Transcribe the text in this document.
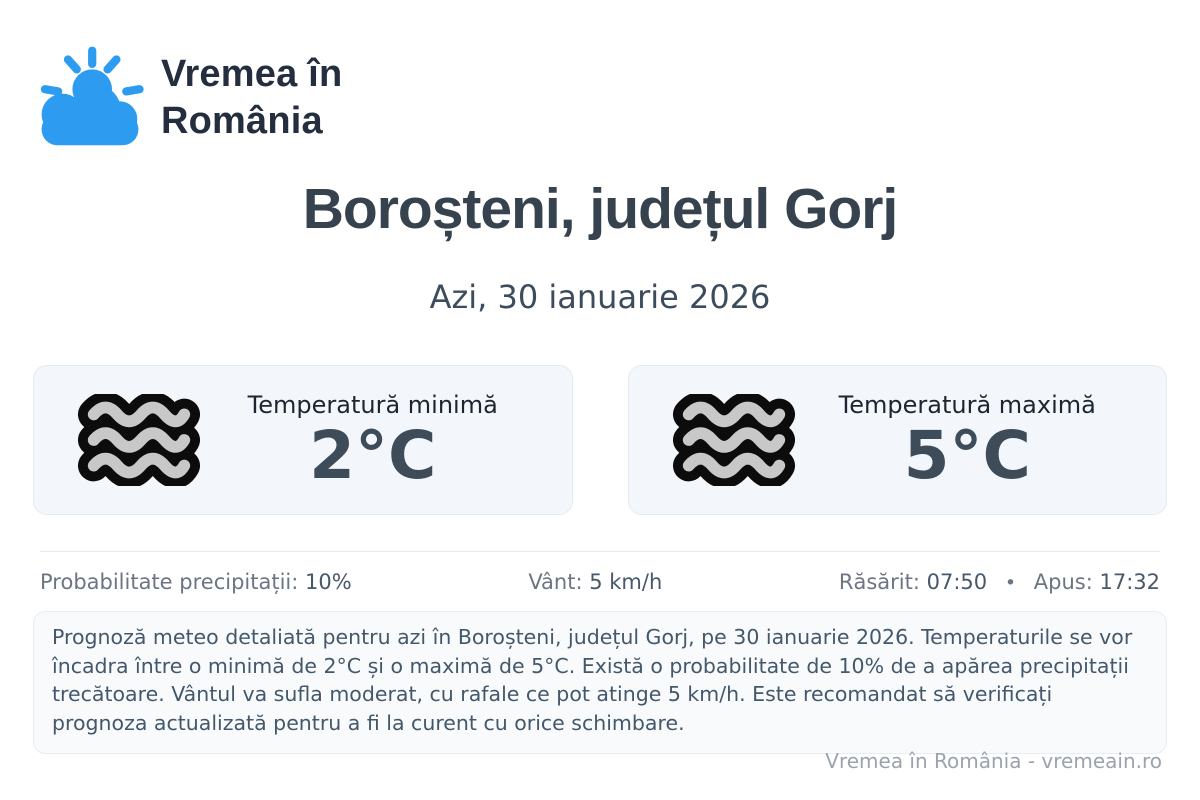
Vremea în
România
Boroșteni, județul Gorj
Azi, 30 ianuarie 2026
Temperatură minimă
2°C
Temperatură maximă
5°C
Probabilitate precipitații: 10%	Vânt: 5 km/h	Răsărit: 07:50 • Apus: 17:32
Prognoză meteo detaliată pentru azi în Boroșteni, județul Gorj, pe 30 ianuarie 2026. Temperaturile se vor încadra între o minimă de 2°C și o maximă de 5°C. Există o probabilitate de 10% de a apărea precipitații trecătoare. Vântul va sufla moderat, cu rafale ce pot atinge 5 km/h. Este recomandat să verificați prognoza actualizată pentru a fi la curent cu orice schimbare.
Vremea în România - vremeain.ro
